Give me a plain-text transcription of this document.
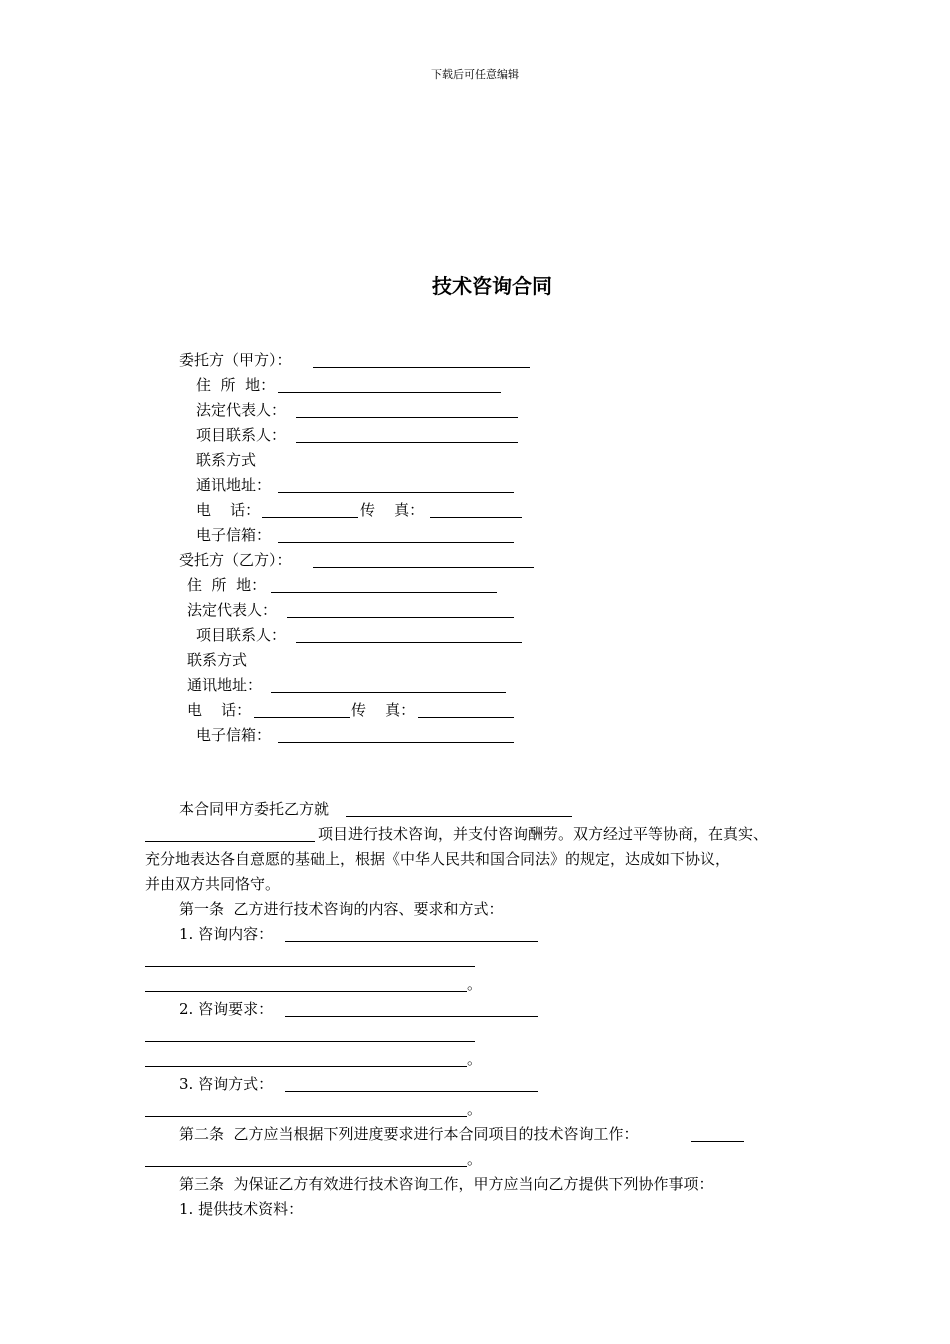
下载后可任意编辑
技术咨询合同
委托方（甲方）：
住  所  地：
法定代表人：
项目联系人：
联系方式
通讯地址：
电    话：	传    真：
电子信箱：
受托方（乙方）：
住  所  地：
法定代表人：
项目联系人：
联系方式
通讯地址：
电    话：	传    真：
电子信箱：
本合同甲方委托乙方就
项目进行技术咨询，并支付咨询酬劳。双方经过平等协商，在真实、
充分地表达各自意愿的基础上，根据《中华人民共和国合同法》的规定，达成如下协议，
并由双方共同恪守。
第一条  乙方进行技术咨询的内容、要求和方式：
1. 咨询内容：
。
2. 咨询要求：
。
3. 咨询方式：
。
第二条  乙方应当根据下列进度要求进行本合同项目的技术咨询工作：
。
第三条  为保证乙方有效进行技术咨询工作，甲方应当向乙方提供下列协作事项：
1. 提供技术资料：
